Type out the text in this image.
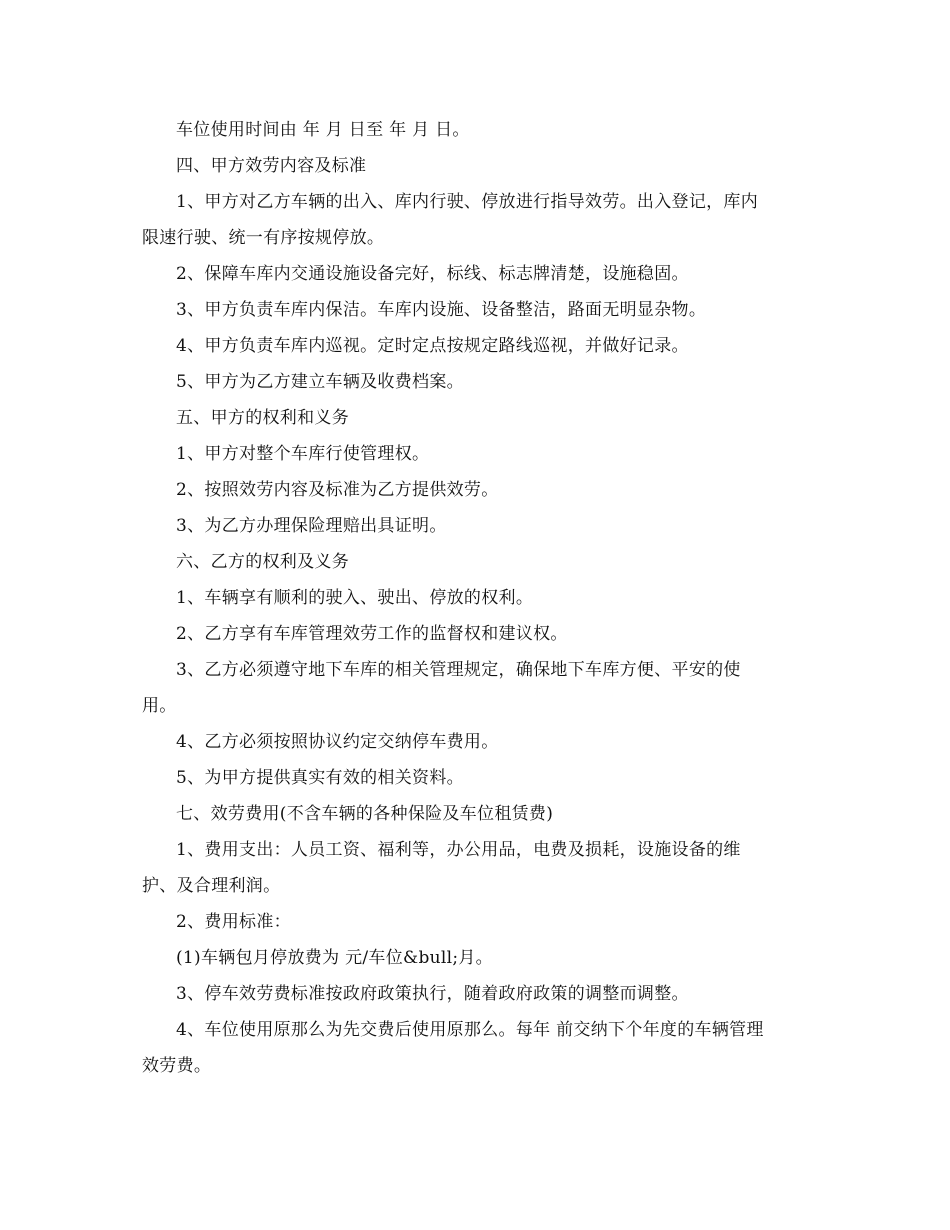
车位使用时间由 年 月 日至 年 月 日。
四、甲方效劳内容及标准
1、甲方对乙方车辆的出入、库内行驶、停放进行指导效劳。出入登记，库内
限速行驶、统一有序按规停放。
2、保障车库内交通设施设备完好，标线、标志牌清楚，设施稳固。
3、甲方负责车库内保洁。车库内设施、设备整洁，路面无明显杂物。
4、甲方负责车库内巡视。定时定点按规定路线巡视，并做好记录。
5、甲方为乙方建立车辆及收费档案。
五、甲方的权利和义务
1、甲方对整个车库行使管理权。
2、按照效劳内容及标准为乙方提供效劳。
3、为乙方办理保险理赔出具证明。
六、乙方的权利及义务
1、车辆享有顺利的驶入、驶出、停放的权利。
2、乙方享有车库管理效劳工作的监督权和建议权。
3、乙方必须遵守地下车库的相关管理规定，确保地下车库方便、平安的使
用。
4、乙方必须按照协议约定交纳停车费用。
5、为甲方提供真实有效的相关资料。
七、效劳费用(不含车辆的各种保险及车位租赁费)
1、费用支出：人员工资、福利等，办公用品，电费及损耗，设施设备的维
护、及合理利润。
2、费用标准：
(1)车辆包月停放费为 元/车位&bull;月。
3、停车效劳费标准按政府政策执行，随着政府政策的调整而调整。
4、车位使用原那么为先交费后使用原那么。每年 前交纳下个年度的车辆管理
效劳费。
